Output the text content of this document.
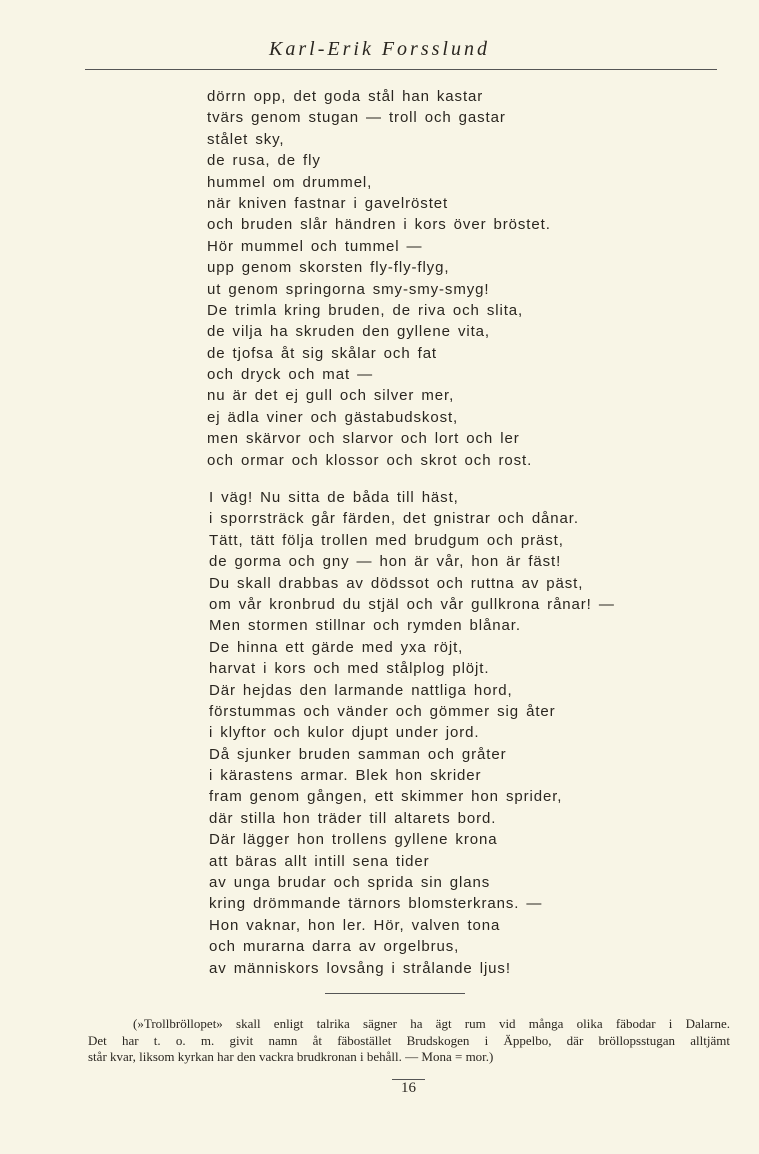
Karl-Erik Forsslund
dörrn opp, det goda stål han kastar
tvärs genom stugan — troll och gastar
stålet sky,
de rusa, de fly
hummel om drummel,
när kniven fastnar i gavelröstet
och bruden slår händren i kors över bröstet.
Hör mummel och tummel —
upp genom skorsten fly-fly-flyg,
ut genom springorna smy-smy-smyg!
De trimla kring bruden, de riva och slita,
de vilja ha skruden den gyllene vita,
de tjofsa åt sig skålar och fat
och dryck och mat —
nu är det ej gull och silver mer,
ej ädla viner och gästabudskost,
men skärvor och slarvor och lort och ler
och ormar och klossor och skrot och rost.
I väg! Nu sitta de båda till häst,
i sporrsträck går färden, det gnistrar och dånar.
Tätt, tätt följa trollen med brudgum och präst,
de gorma och gny — hon är vår, hon är fäst!
Du skall drabbas av dödssot och ruttna av päst,
om vår kronbrud du stjäl och vår gullkrona rånar! —
Men stormen stillnar och rymden blånar.
De hinna ett gärde med yxa röjt,
harvat i kors och med stålplog plöjt.
Där hejdas den larmande nattliga hord,
förstummas och vänder och gömmer sig åter
i klyftor och kulor djupt under jord.
Då sjunker bruden samman och gråter
i kärastens armar. Blek hon skrider
fram genom gången, ett skimmer hon sprider,
där stilla hon träder till altarets bord.
Där lägger hon trollens gyllene krona
att bäras allt intill sena tider
av unga brudar och sprida sin glans
kring drömmande tärnors blomsterkrans. —
Hon vaknar, hon ler. Hör, valven tona
och murarna darra av orgelbrus,
av människors lovsång i strålande ljus!
(»Trollbröllopet» skall enligt talrika sägner ha ägt rum vid många olika fäbodar i Dalarne.
Det har t. o. m. givit namn åt fäbostället Brudskogen i Äppelbo, där bröllopsstugan alltjämt
står kvar, liksom kyrkan har den vackra brudkronan i behåll. — Mona = mor.)
16
